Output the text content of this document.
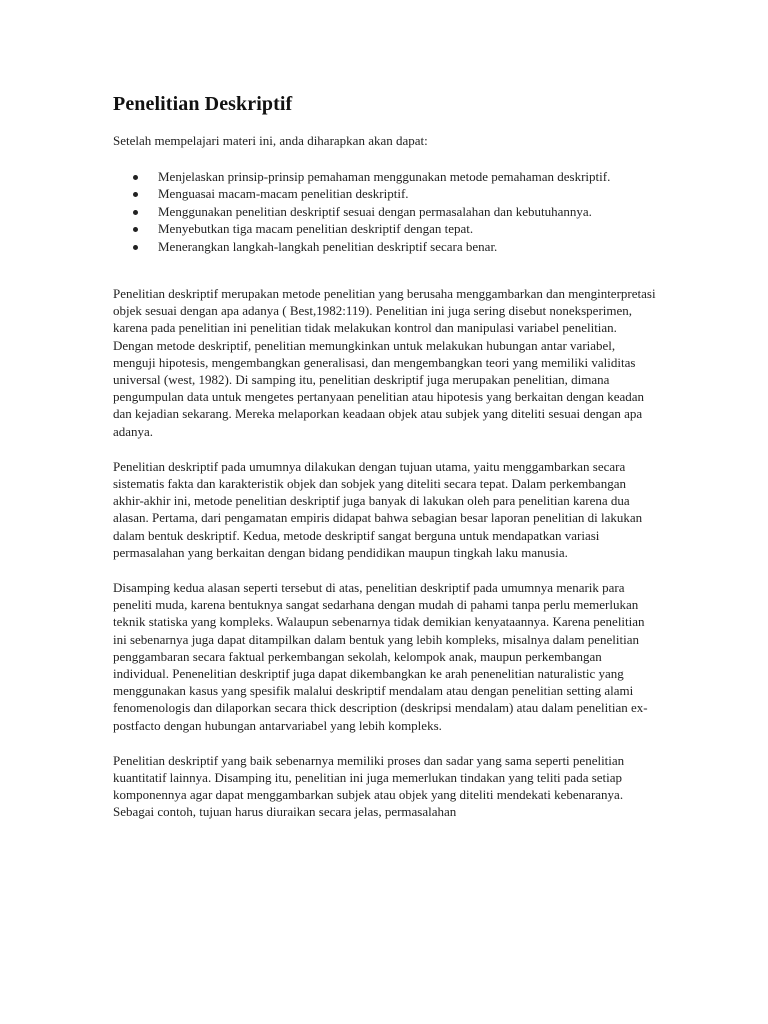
Penelitian Deskriptif

Setelah mempelajari materi ini, anda diharapkan akan dapat:

Menjelaskan prinsip-prinsip pemahaman menggunakan metode pemahaman deskriptif.
Menguasai macam-macam penelitian deskriptif.
Menggunakan penelitian deskriptif sesuai dengan permasalahan dan kebutuhannya.
Menyebutkan tiga macam penelitian deskriptif dengan tepat.
Menerangkan langkah-langkah penelitian deskriptif secara benar.

Penelitian deskriptif merupakan metode penelitian yang berusaha menggambarkan dan menginterpretasi objek sesuai dengan apa adanya ( Best,1982:119). Penelitian ini juga sering disebut noneksperimen, karena pada penelitian ini penelitian tidak melakukan kontrol dan manipulasi variabel penelitian. Dengan metode deskriptif, penelitian memungkinkan untuk melakukan hubungan antar variabel, menguji hipotesis, mengembangkan generalisasi, dan mengembangkan teori yang memiliki validitas universal (west, 1982). Di samping itu, penelitian deskriptif juga merupakan penelitian, dimana pengumpulan data untuk mengetes pertanyaan penelitian atau hipotesis yang berkaitan dengan keadan dan kejadian sekarang. Mereka melaporkan keadaan objek atau subjek yang diteliti sesuai dengan apa adanya.

Penelitian deskriptif pada umumnya dilakukan dengan tujuan utama, yaitu menggambarkan secara sistematis fakta dan karakteristik objek dan sobjek yang diteliti secara tepat. Dalam perkembangan akhir-akhir ini, metode penelitian deskriptif juga banyak di lakukan oleh para penelitian karena dua alasan. Pertama, dari pengamatan empiris didapat bahwa sebagian besar laporan penelitian di lakukan dalam bentuk deskriptif. Kedua, metode deskriptif sangat berguna untuk mendapatkan variasi permasalahan yang berkaitan dengan bidang pendidikan maupun tingkah laku manusia.

Disamping kedua alasan seperti tersebut di atas, penelitian deskriptif pada umumnya menarik para peneliti muda, karena bentuknya sangat sedarhana dengan mudah di pahami tanpa perlu memerlukan teknik statiska yang kompleks. Walaupun sebenarnya tidak demikian kenyataannya. Karena penelitian ini sebenarnya juga dapat ditampilkan dalam bentuk yang lebih kompleks, misalnya dalam penelitian penggambaran secara faktual perkembangan sekolah, kelompok anak, maupun perkembangan individual. Penenelitian deskriptif juga dapat dikembangkan ke arah penenelitian naturalistic yang menggunakan kasus yang spesifik malalui deskriptif mendalam atau dengan penelitian setting alami fenomenologis dan dilaporkan secara thick description (deskripsi mendalam) atau dalam penelitian ex-postfacto dengan hubungan antarvariabel yang lebih kompleks.

Penelitian deskriptif yang baik sebenarnya memiliki proses dan sadar yang sama seperti penelitian kuantitatif lainnya. Disamping itu, penelitian ini juga memerlukan tindakan yang teliti pada setiap komponennya agar dapat menggambarkan subjek atau objek yang diteliti mendekati kebenaranya. Sebagai contoh, tujuan harus diuraikan secara jelas, permasalahan
